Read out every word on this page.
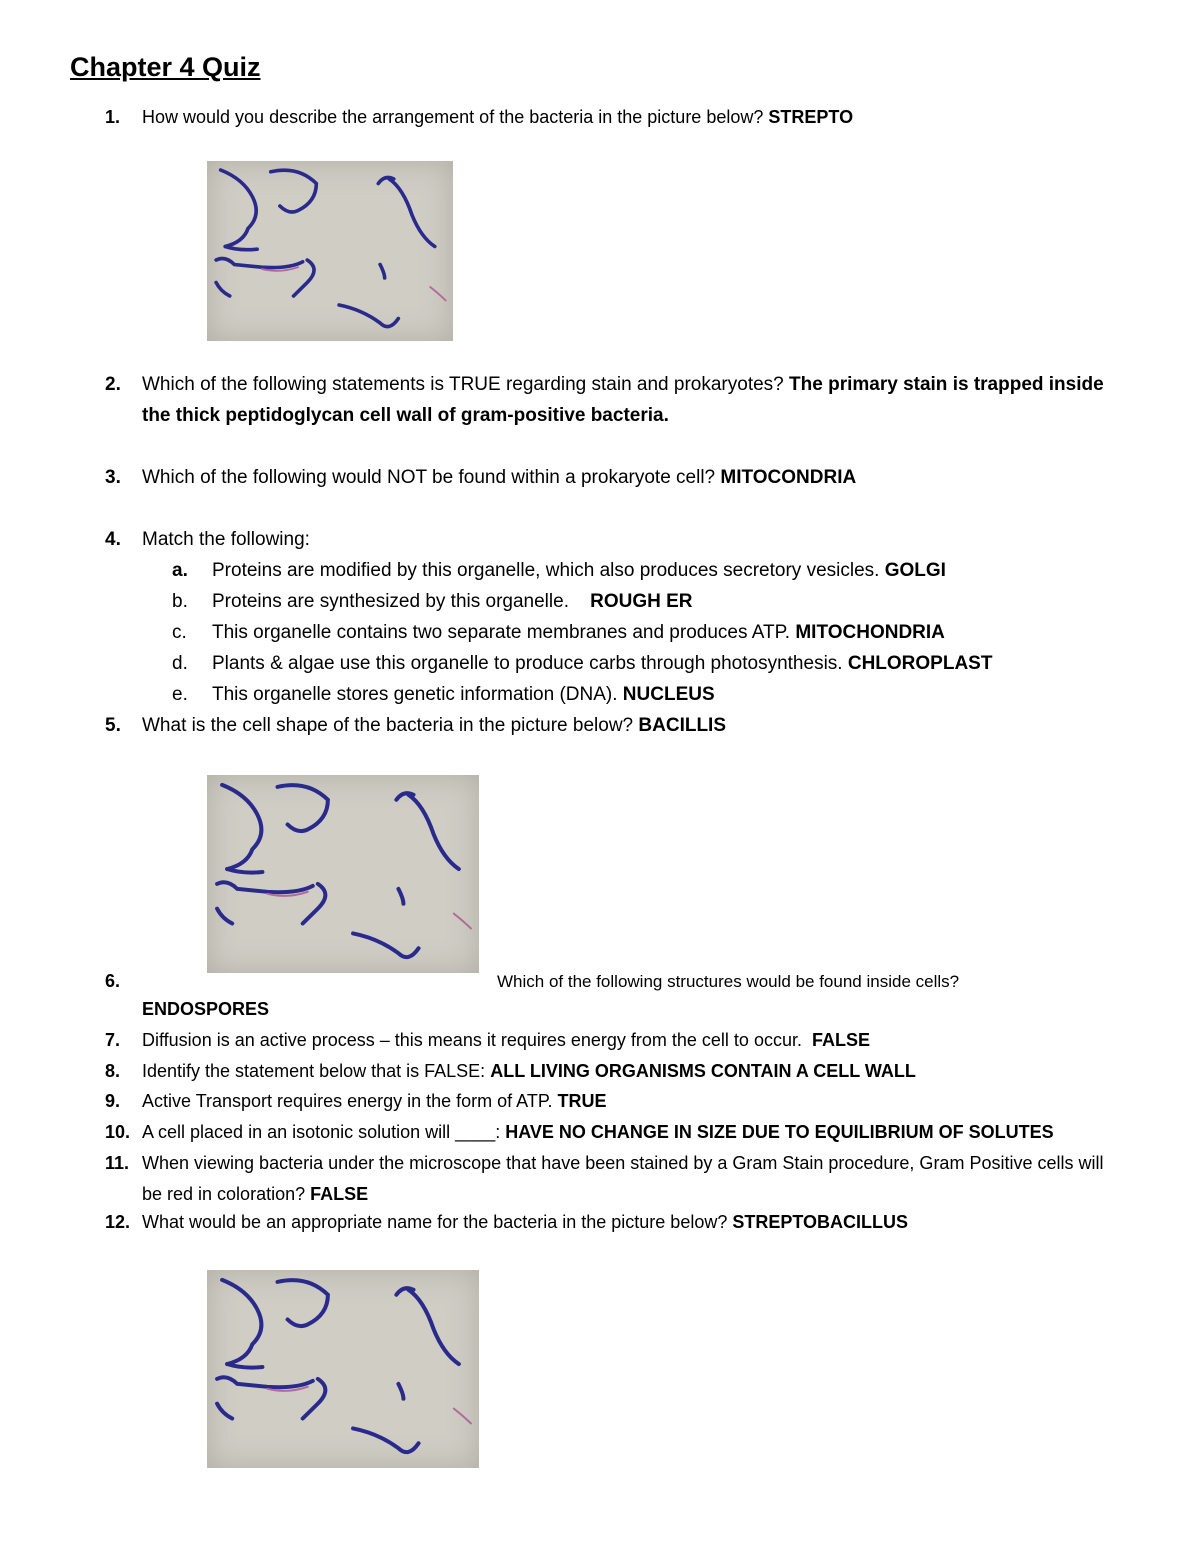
Chapter 4 Quiz
1.	How would you describe the arrangement of the bacteria in the picture below? STREPTO
2.	Which of the following statements is TRUE regarding stain and prokaryotes? The primary stain is trapped inside the thick peptidoglycan cell wall of gram-positive bacteria.
3.	Which of the following would NOT be found within a prokaryote cell? MITOCONDRIA
4.	Match the following:
a.	Proteins are modified by this organelle, which also produces secretory vesicles. GOLGI
b.	Proteins are synthesized by this organelle. ROUGH ER
c.	This organelle contains two separate membranes and produces ATP. MITOCHONDRIA
d.	Plants & algae use this organelle to produce carbs through photosynthesis. CHLOROPLAST
e.	This organelle stores genetic information (DNA). NUCLEUS
5.	What is the cell shape of the bacteria in the picture below? BACILLIS
6.	Which of the following structures would be found inside cells?
ENDOSPORES
7.	Diffusion is an active process – this means it requires energy from the cell to occur. FALSE
8.	Identify the statement below that is FALSE: ALL LIVING ORGANISMS CONTAIN A CELL WALL
9.	Active Transport requires energy in the form of ATP. TRUE
10. A cell placed in an isotonic solution will ____: HAVE NO CHANGE IN SIZE DUE TO EQUILIBRIUM OF SOLUTES
11. When viewing bacteria under the microscope that have been stained by a Gram Stain procedure, Gram Positive cells will be red in coloration? FALSE
12. What would be an appropriate name for the bacteria in the picture below? STREPTOBACILLUS
